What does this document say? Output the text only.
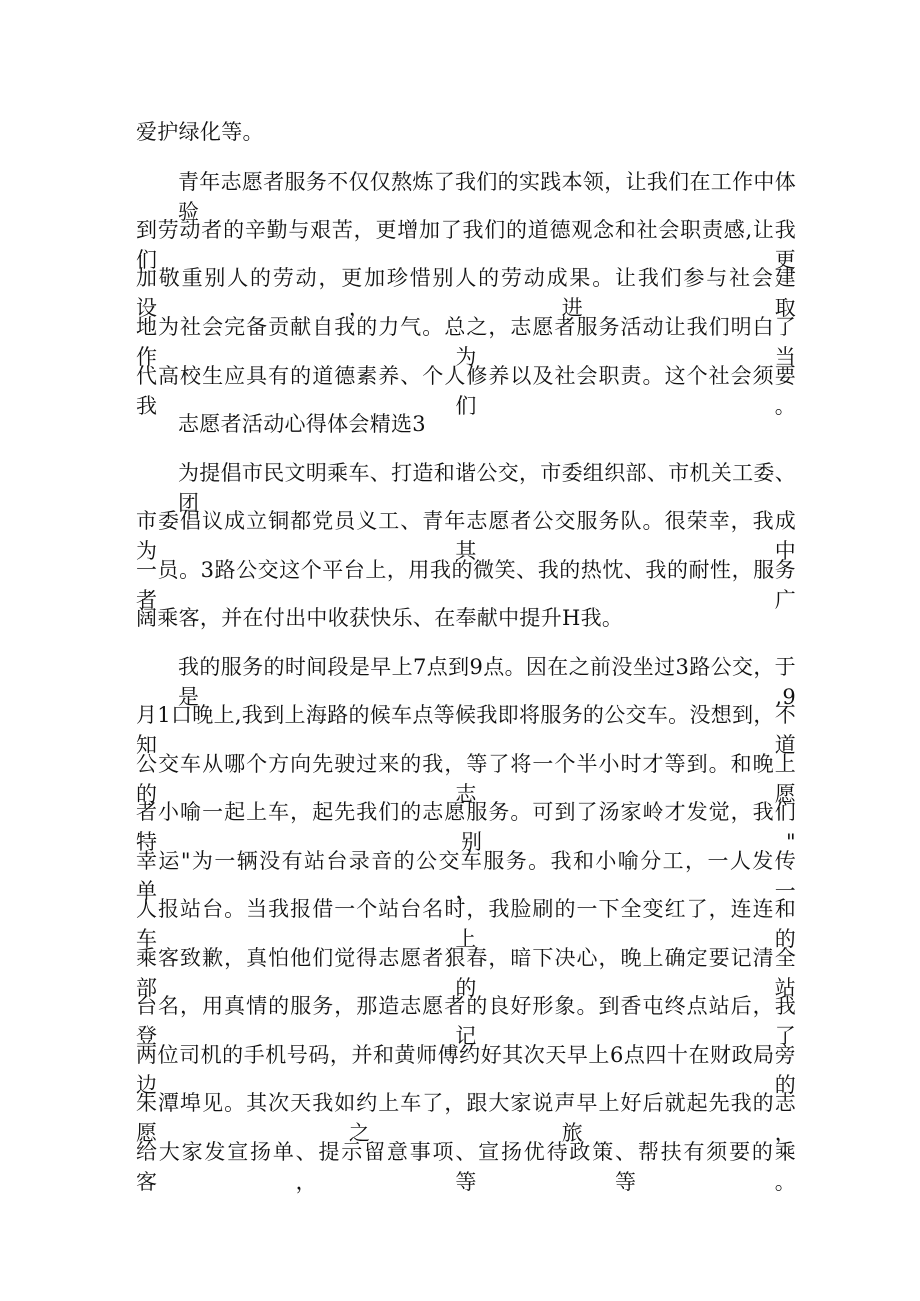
爱护绿化等。
青年志愿者服务不仅仅熬炼了我们的实践本领，让我们在工作中体验
到劳动者的辛勤与艰苦，更增加了我们的道德观念和社会职责感,让我们更
加敬重别人的劳动，更加珍惜别人的劳动成果。让我们参与社会建设，进取
地为社会完备贡献自我的力气。总之，志愿者服务活动让我们明白了作为当
代高校生应具有的道德素养、个人修养以及社会职责。这个社会须要我们。
志愿者活动心得体会精选3
为提倡市民文明乘车、打造和谐公交，市委组织部、市机关工委、团
市委倡议成立铜都党员义工、青年志愿者公交服务队。很荣幸，我成为其中
一员。3路公交这个平台上，用我的微笑、我的热忱、我的耐性，服务者广
阔乘客，并在付出中收获快乐、在奉献中提升H我。
我的服务的时间段是早上7点到9点。因在之前没坐过3路公交，于是,9
月1口晚上,我到上海路的候车点等候我即将服务的公交车。没想到，不知道
公交车从哪个方向先驶过来的我，等了将一个半小时才等到。和晚上的志愿
者小喻一起上车，起先我们的志愿服务。可到了汤家岭才发觉，我们特别"
幸运"为一辆没有站台录音的公交车服务。我和小喻分工，一人发传单，一
人报站台。当我报借一个站台名时，我脸刷的一下全变红了，连连和车上的
乘客致歉，真怕他们觉得志愿者狠春，暗下决心，晚上确定要记清全部的站
台名，用真情的服务，那造志愿者的良好形象。到香屯终点站后，我登记了
两位司机的手机号码，并和黄师傅约好其次天早上6点四十在财政局旁边的
朱潭埠见。其次天我如约上车了，跟大家说声早上好后就起先我的志愿之旅，
给大家发宣扬单、提示留意事项、宣扬优待政策、帮扶有须要的乘客，等等。
